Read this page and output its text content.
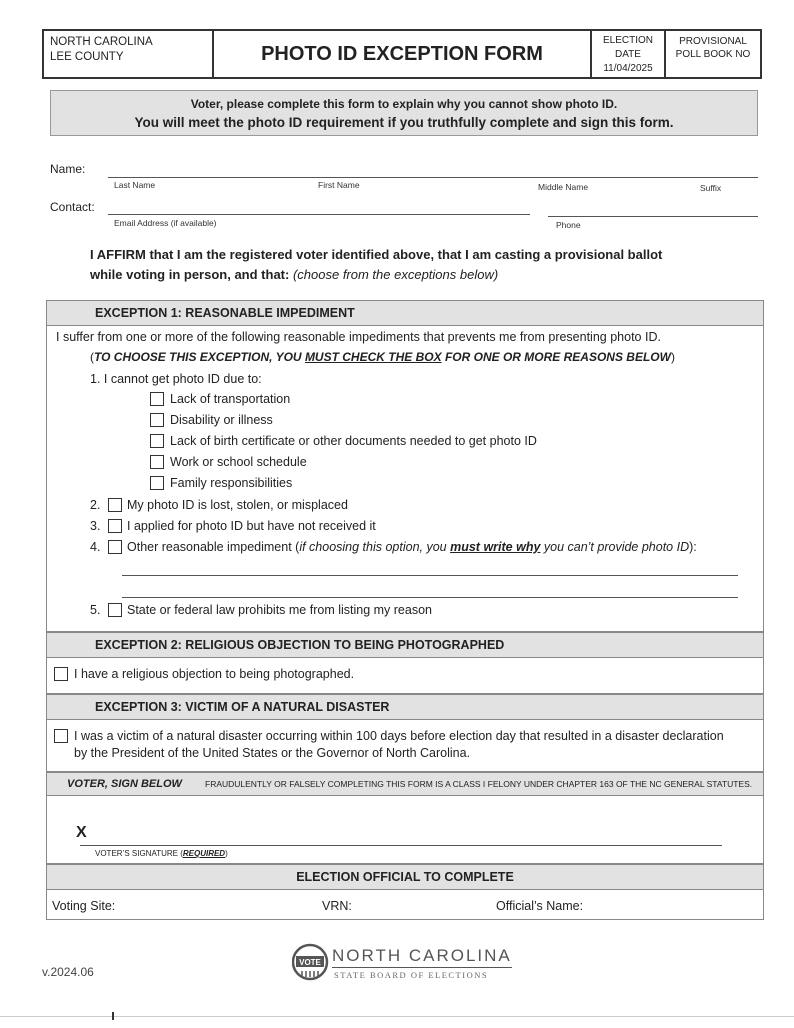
NORTH CAROLINA
LEE COUNTY	PHOTO ID EXCEPTION FORM
ELECTION
DATE
11/04/2025
PROVISIONAL
POLL BOOK NO
Voter, please complete this form to explain why you cannot show photo ID.
You will meet the photo ID requirement if you truthfully complete and sign this form.
Name:
Last Name	First Name	Middle Name	Suffix
Contact:
Email Address (if available)	Phone
I AFFIRM that I am the registered voter identified above, that I am casting a provisional ballot
while voting in person, and that: (choose from the exceptions below)
EXCEPTION 1: REASONABLE IMPEDIMENT
I suffer from one or more of the following reasonable impediments that prevents me from presenting photo ID.
(TO CHOOSE THIS EXCEPTION, YOU MUST CHECK THE BOX FOR ONE OR MORE REASONS BELOW)
1. I cannot get photo ID due to:
Lack of transportation
Disability or illness
Lack of birth certificate or other documents needed to get photo ID
Work or school schedule
Family responsibilities
2. My photo ID is lost, stolen, or misplaced
3. I applied for photo ID but have not received it
4. Other reasonable impediment (if choosing this option, you must write why you can’t provide photo ID):
5. State or federal law prohibits me from listing my reason
EXCEPTION 2: RELIGIOUS OBJECTION TO BEING PHOTOGRAPHED
I have a religious objection to being photographed.
EXCEPTION 3: VICTIM OF A NATURAL DISASTER
I was a victim of a natural disaster occurring within 100 days before election day that resulted in a disaster declaration
by the President of the United States or the Governor of North Carolina.
VOTER, SIGN BELOW	FRAUDULENTLY OR FALSELY COMPLETING THIS FORM IS A CLASS I FELONY UNDER CHAPTER 163 OF THE NC GENERAL STATUTES.
X
VOTER’S SIGNATURE (REQUIRED)
ELECTION OFFICIAL TO COMPLETE
Voting Site:	VRN:	Official’s Name:
v.2024.06
VOTE NORTH CAROLINA
STATE BOARD OF ELECTIONS
